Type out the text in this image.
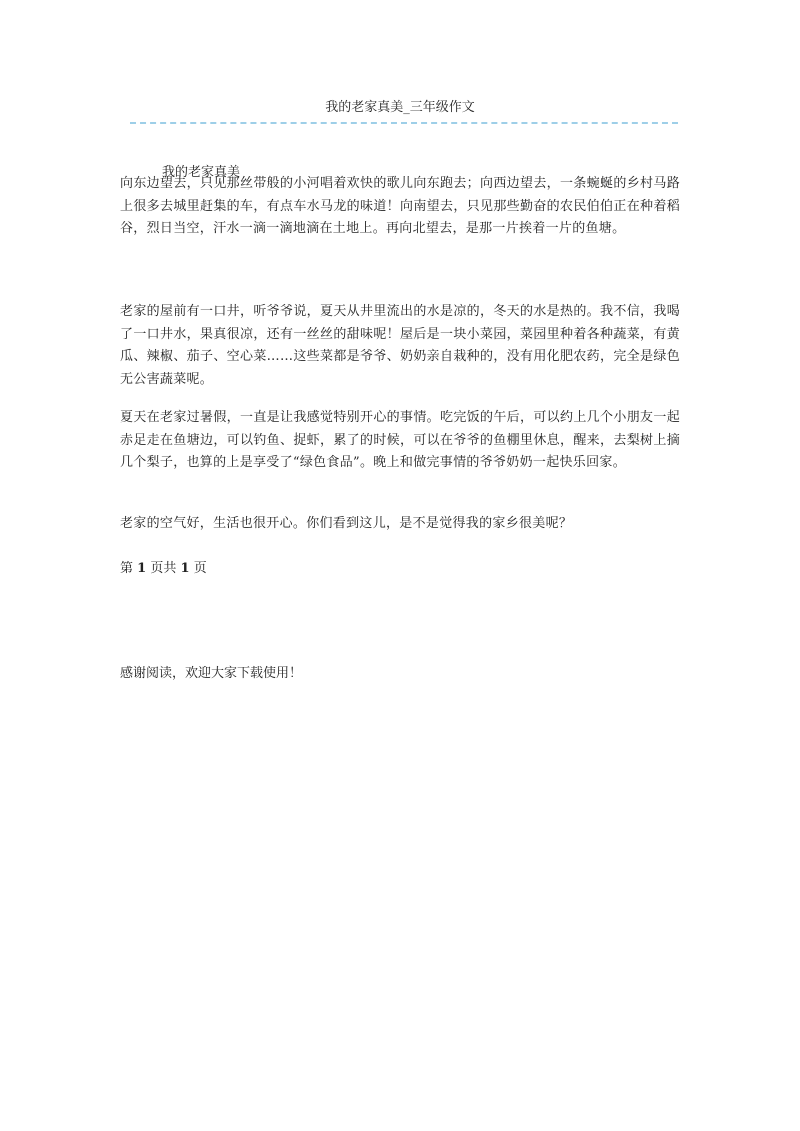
我的老家真美_三年级作文
我的老家真美

向东边望去，只见那丝带般的小河唱着欢快的歌儿向东跑去；向西边望去，一条蜿蜒的乡村马路上很多去城里赶集的车，有点车水马龙的味道！向南望去，只见那些勤奋的农民伯伯正在种着稻谷，烈日当空，汗水一滴一滴地滴在土地上。再向北望去，是那一片挨着一片的鱼塘。

老家的屋前有一口井，听爷爷说，夏天从井里流出的水是凉的，冬天的水是热的。我不信，我喝了一口井水，果真很凉，还有一丝丝的甜味呢！屋后是一块小菜园，菜园里种着各种蔬菜，有黄瓜、辣椒、茄子、空心菜……这些菜都是爷爷、奶奶亲自栽种的，没有用化肥农药，完全是绿色无公害蔬菜呢。

夏天在老家过暑假，一直是让我感觉特别开心的事情。吃完饭的午后，可以约上几个小朋友一起赤足走在鱼塘边，可以钓鱼、捉虾，累了的时候，可以在爷爷的鱼棚里休息，醒来，去梨树上摘几个梨子，也算的上是享受了“绿色食品”。晚上和做完事情的爷爷奶奶一起快乐回家。

老家的空气好，生活也很开心。你们看到这儿，是不是觉得我的家乡很美呢？

第 1 页共 1 页
感谢阅读，欢迎大家下载使用！
